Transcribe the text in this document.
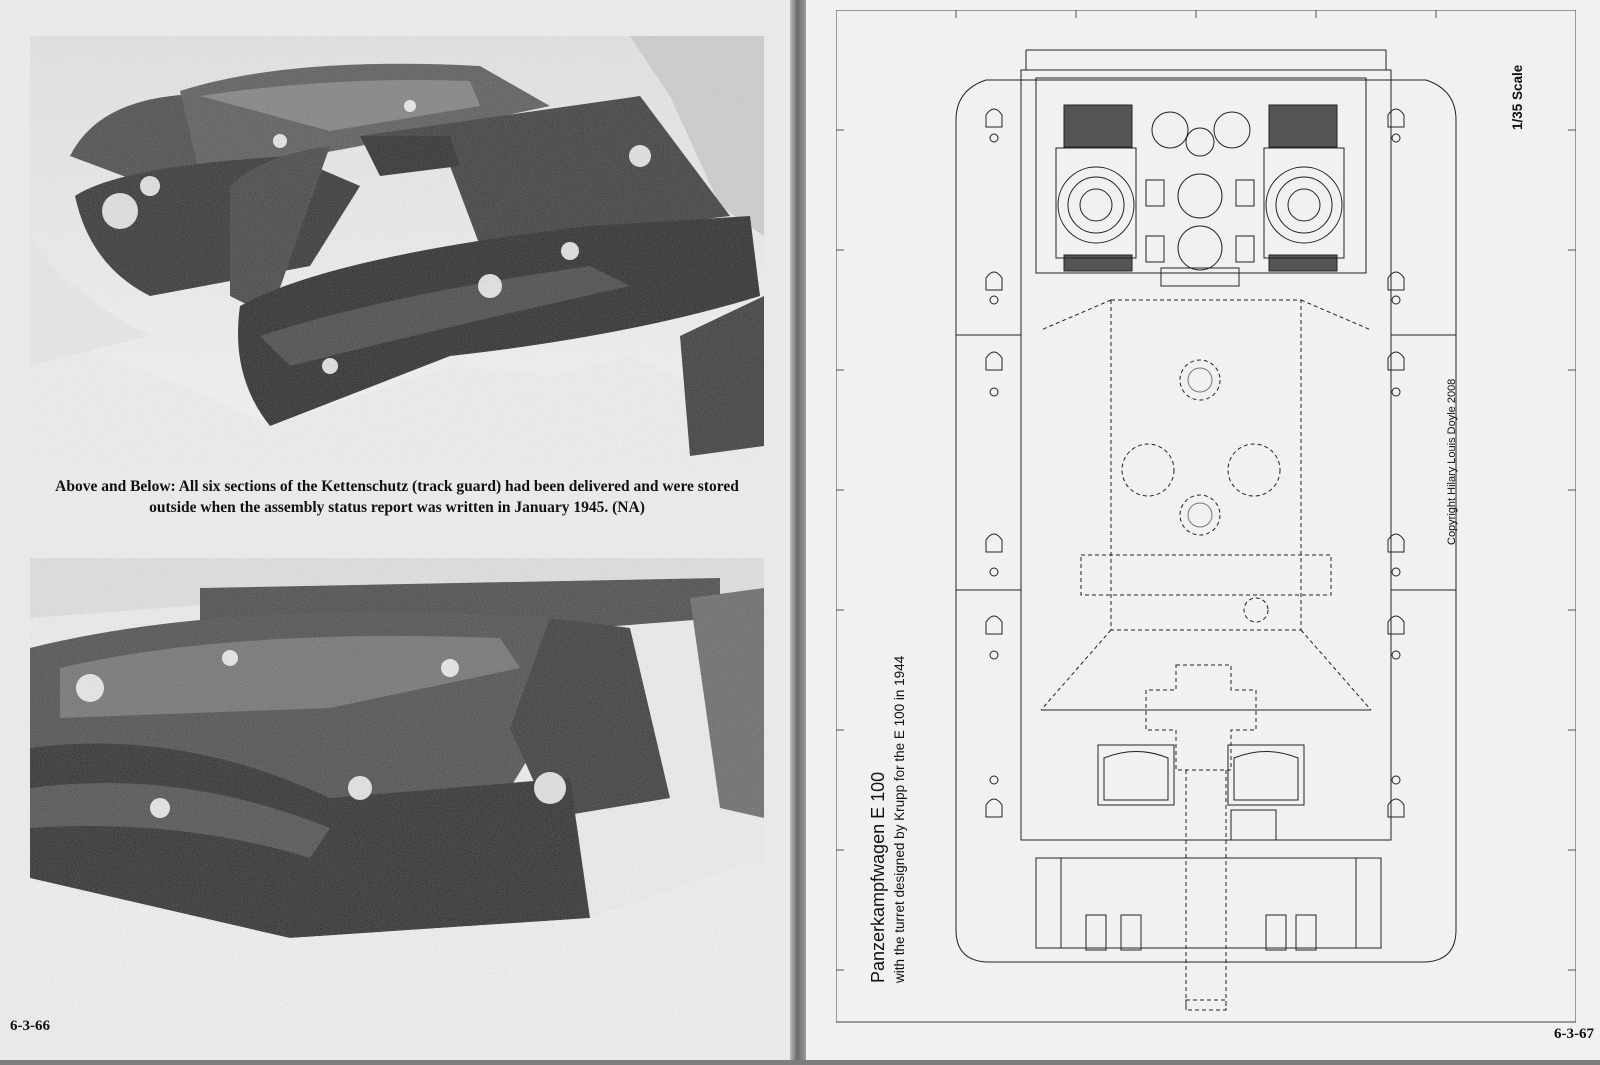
Above and Below: All six sections of the Kettenschutz (track guard) had been delivered and were stored outside when the assembly status report was written in January 1945. (NA)
6-3-66	6-3-67
Panzerkampfwagen E 100 with the turret designed by Krupp for the E 100 in 1944
1/35 Scale
Copyright Hilary Louis Doyle 2008
